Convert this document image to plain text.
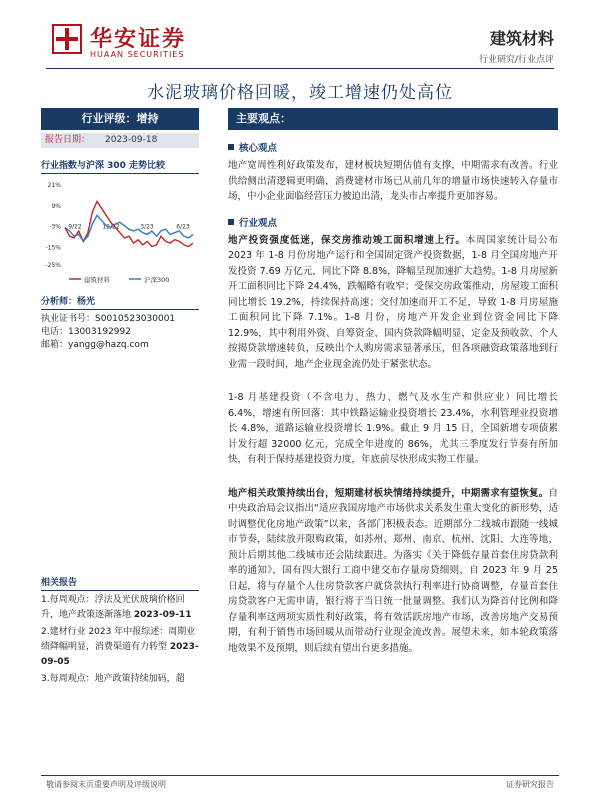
华安证券
HUAAN SECURITIES
建筑材料
行业研究/行业点评
水泥玻璃价格回暖，竣工增速仍处高位
行业评级：增持
报告日期：	2023-09-18
行业指数与沪深 300 走势比较
21%
9%
-3%
-15%
-25%
9/22	12/22	3/23	6/23
建筑材料	沪深300
分析师：杨光
执业证书号：S0010523030001
电话：13003192992
邮箱：yangg@hazq.com
相关报告
1.每周观点：浮法及光伏玻璃价格回升，地产政策逐渐落地 2023-09-11
2.建材行业 2023 年中报综述：周期业绩降幅明显，消费渠道有力转型 2023-09-05
3.每周观点：地产政策持续加码，超
主要观点：
核心观点
地产宽周性利好政策发布，建材板块短期估值有支撑，中期需求有改善。行业供给侧出清逻辑更明确，消费建材市场已从前几年的增量市场快速转入存量市场，中小企业面临经营压力被迫出清，龙头市占率提升更加容易。
行业观点
地产投资强度低迷，保交房推动竣工面积增速上行。本周国家统计局公布 2023 年 1-8 月份房地产运行和全国固定资产投资数据，1-8 月全国房地产开发投资 7.69 万亿元，同比下降 8.8%，降幅呈现加速扩大趋势。1-8 月房屋新开工面积同比下降 24.4%，跌幅略有收窄；受保交房政策推动，房屋竣工面积同比增长 19.2%，持续保持高速；交付加速而开工不足，导致 1-8 月房屋施工面积同比下降 7.1%。1-8 月份，房地产开发企业到位资金同比下降 12.9%，其中利用外资、自筹资金、国内贷款降幅明显，定金及预收款、个人按揭贷款增速转负，反映出个人购房需求显著承压，但各项融资政策落地到行业需一段时间，地产企业现金流仍处于紧张状态。
1-8 月基建投资（不含电力、热力、燃气及水生产和供应业）同比增长 6.4%，增速有所回落：其中铁路运输业投资增长 23.4%，水利管理业投资增长 4.8%，道路运输业投资增长 1.9%。截止 9 月 15 日，全国新增专项债累计发行超 32000 亿元，完成全年进度的 86%，尤其三季度发行节奏有所加快，有利于保持基建投资力度，年底前尽快形成实物工作量。
地产相关政策持续出台，短期建材板块情绪持续提升，中期需求有望恢复。自中央政治局会议指出“适应我国房地产市场供求关系发生重大变化的新形势，适时调整优化房地产政策”以来，各部门积极表态。近期部分二线城市跟随一线城市节奏，陆续放开限购政策，如苏州、郑州、南京、杭州、沈阳、大连等地，预计后期其他二线城市还会陆续跟进。为落实《关于降低存量首套住房贷款利率的通知》，国有四大银行工商中建交布存量房贷细则，自 2023 年 9 月 25 日起，将与存量个人住房贷款客户就贷款执行利率进行协商调整，存量首套住房贷款客户无需申请，银行将于当日统一批量调整。我们认为降首付比例和降存量利率这两项实质性利好政策，将有效活跃房地产市场，改善房地产交易预期，有利于销售市场回暖从而带动行业现金流改善。展望未来，如本轮政策落地效果不及预期，则后续有望出台更多措施。
敬请参阅末页重要声明及评级说明	证券研究报告
